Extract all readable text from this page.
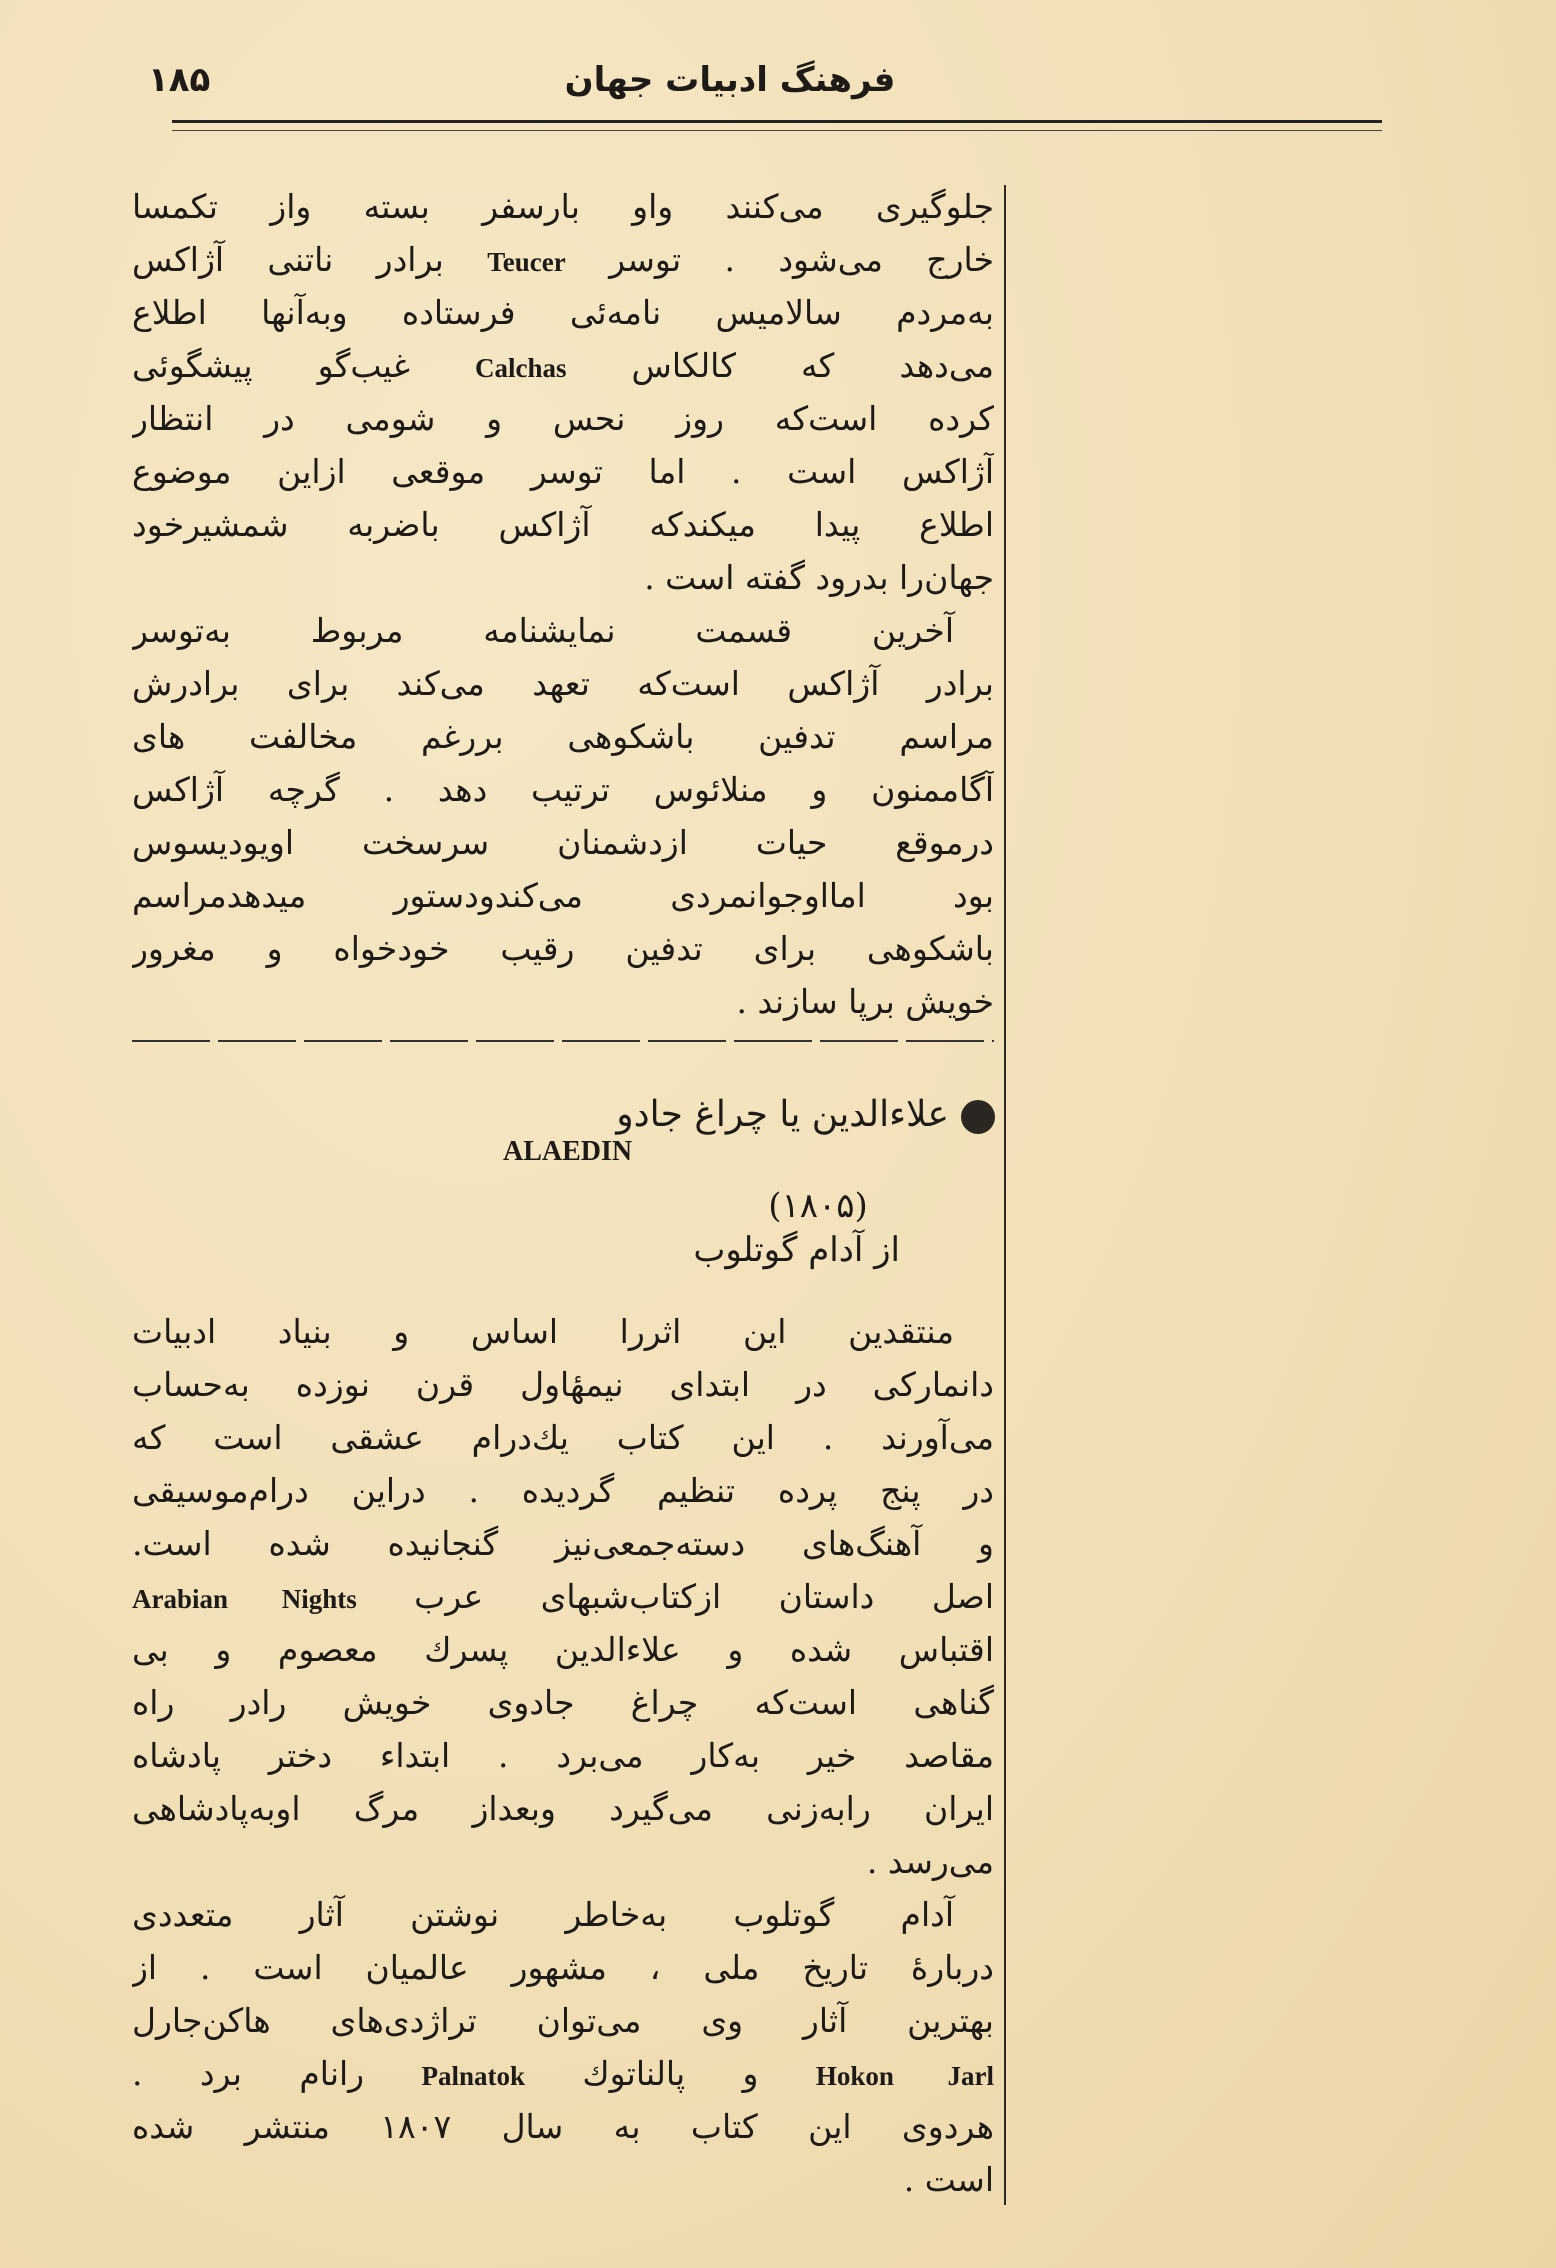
فرهنگ ادبیات جهان
۱۸۵
جلوگیری می‌کنند واو بارسفر بسته واز تکمسا
خارج می‌شود . توسر Teucer برادر ناتنی آژاکس
به‌مردم سالامیس نامه‌ئی فرستاده وبه‌آنها اطلاع
می‌دهد که کالکاس Calchas غیب‌گو پیشگوئی
کرده است‌که روز نحس و شومی در انتظار
آژاکس است . اما توسر موقعی ازاین موضوع
اطلاع پیدا میکندکه آژاکس باضربه شمشیرخود
جهان‌را بدرود گفته است .
آخرین قسمت نمایشنامه مربوط به‌توسر
برادر آژاکس است‌که تعهد می‌کند برای برادرش
مراسم تدفین باشکوهی بررغم مخالفت های
آگاممنون و منلائوس ترتیب دهد . گرچه آژاکس
درموقع حیات ازدشمنان سرسخت اویودیسوس
بود امااوجوانمردی می‌کندودستور میدهدمراسم
باشکوهی برای تدفین رقیب خودخواه و مغرور
خویش برپا سازند .
علاءالدین یا چراغ جادو
ALAEDIN
(۱۸۰۵)
از آدام گوتلوب
منتقدین این اثررا اساس و بنیاد ادبیات
دانمارکی در ابتدای نیمهٔاول قرن نوزده به‌حساب
می‌آورند . این کتاب یك‌درام عشقی است که
در پنج پرده تنظیم گردیده . دراین درام‌موسیقی
و آهنگ‌های دسته‌جمعی‌نیز گنجانیده شده است.
اصل داستان ازکتاب‌شبهای عرب Arabian Nights
اقتباس شده و علاءالدین پسرك معصوم و بی
گناهی است‌که چراغ جادوی خویش رادر راه
مقاصد خیر به‌کار می‌برد . ابتداء دختر پادشاه
ایران رابه‌زنی می‌گیرد وبعداز مرگ اوبه‌پادشاهی
می‌رسد .
آدام گوتلوب به‌خاطر نوشتن آثار متعددی
دربارهٔ تاریخ ملی ، مشهور عالمیان است . از
بهترین آثار وی می‌توان تراژدی‌های هاکن‌جارل
Hokon Jarl و پالناتوك Palnatok رانام برد .
هردوی این کتاب به سال ۱۸۰۷ منتشر شده
است .
